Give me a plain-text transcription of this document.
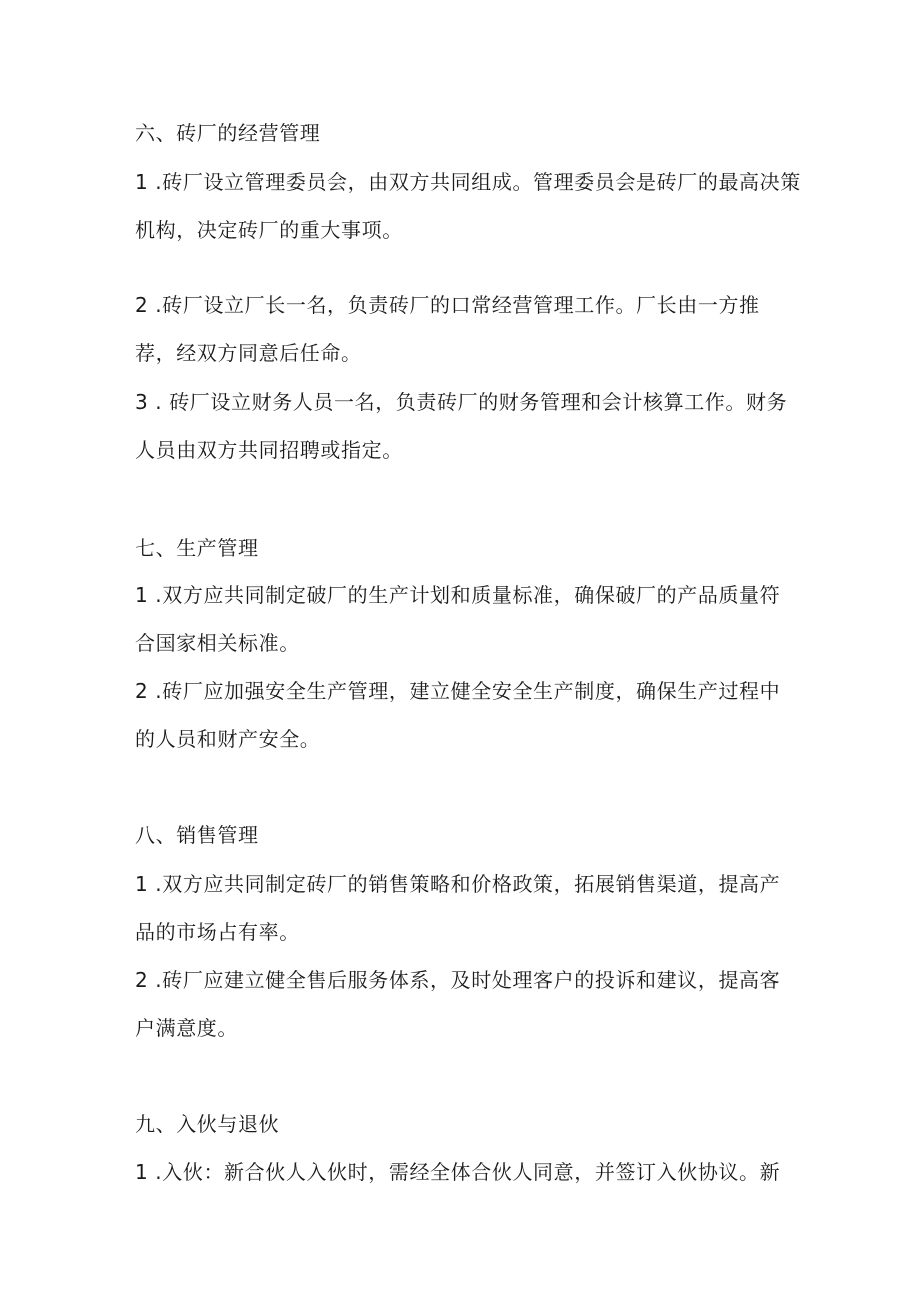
六、砖厂的经营管理
1 .砖厂设立管理委员会，由双方共同组成。管理委员会是砖厂的最高决策
机构，决定砖厂的重大事项。
2 .砖厂设立厂长一名，负责砖厂的口常经营管理工作。厂长由一方推
荐，经双方同意后任命。
3 . 砖厂设立财务人员一名，负责砖厂的财务管理和会计核算工作。财务
人员由双方共同招聘或指定。
七、生产管理
1 .双方应共同制定破厂的生产计划和质量标准，确保破厂的产品质量符
合国家相关标准。
2 .砖厂应加强安全生产管理，建立健全安全生产制度，确保生产过程中
的人员和财产安全。
八、销售管理
1 .双方应共同制定砖厂的销售策略和价格政策，拓展销售渠道，提高产
品的市场占有率。
2 .砖厂应建立健全售后服务体系，及时处理客户的投诉和建议，提高客
户满意度。
九、入伙与退伙
1 .入伙：新合伙人入伙时，需经全体合伙人同意，并签订入伙协议。新
